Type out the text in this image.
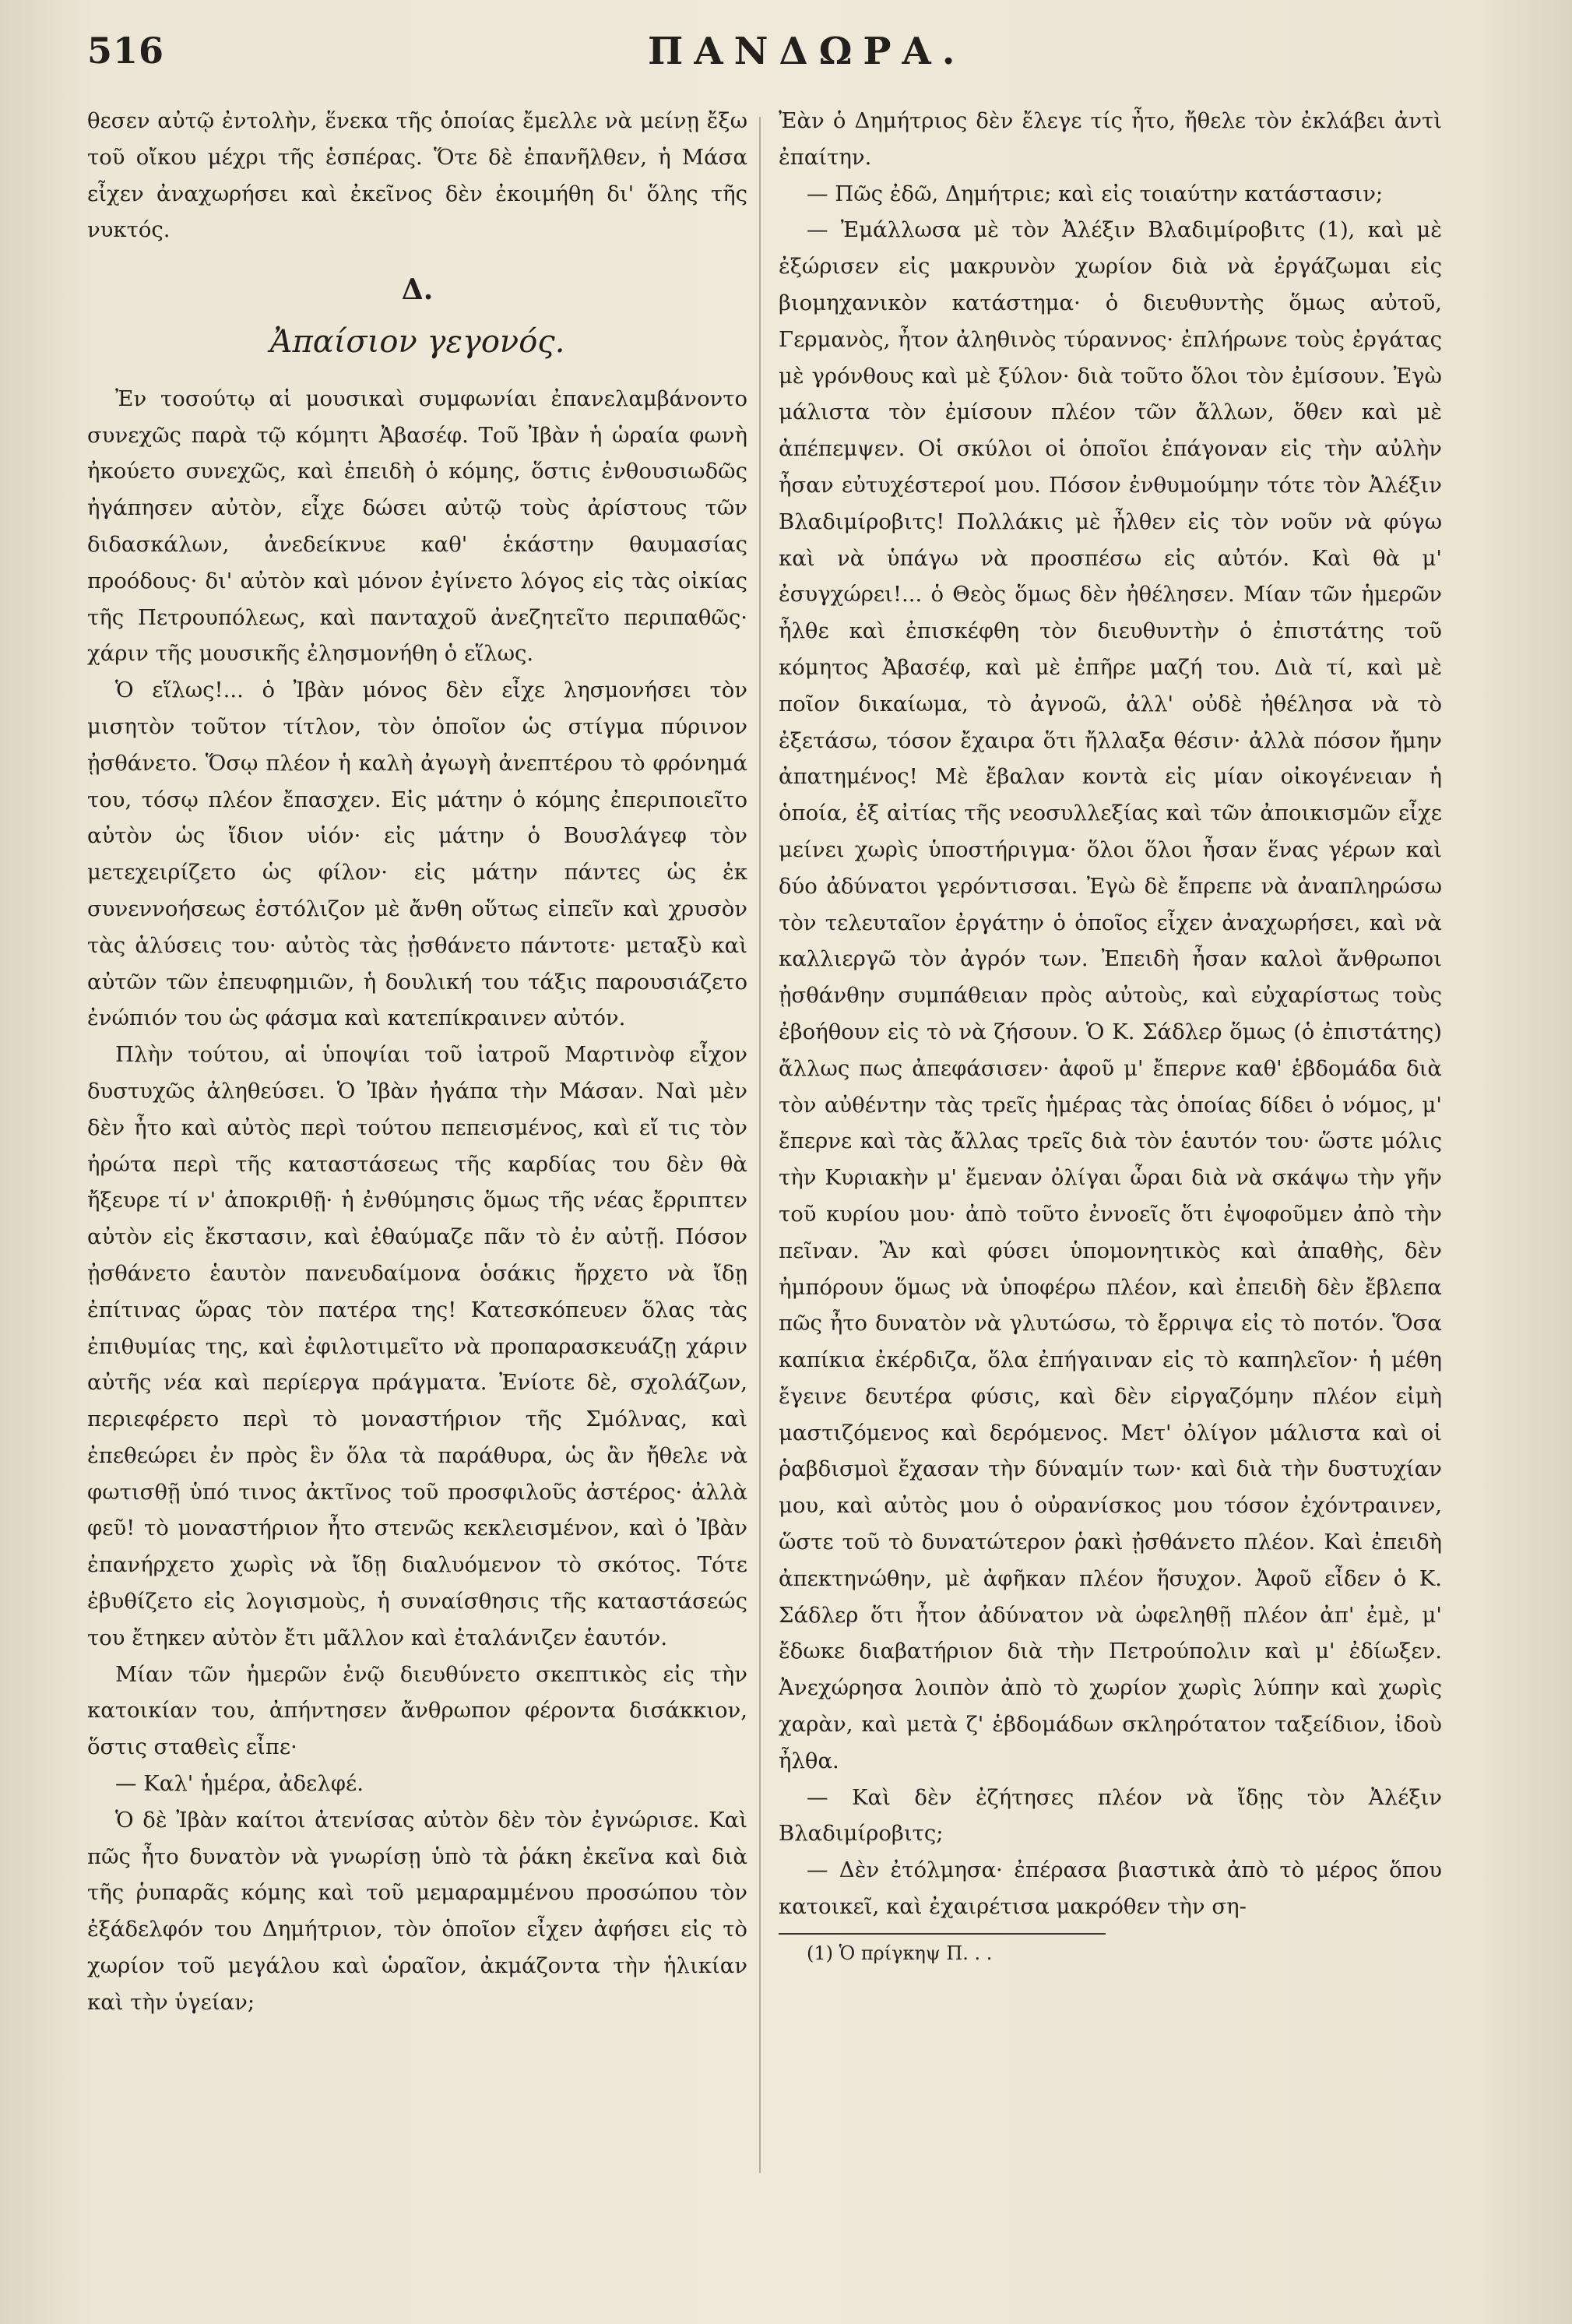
516	ΠΑΝΔΩΡΑ.

θεσεν αὐτῷ ἐντολὴν, ἕνεκα τῆς ὁποίας ἔμελλε νὰ μείνῃ ἔξω τοῦ οἴκου μέχρι τῆς ἑσπέρας. Ὅτε δὲ ἐπανῆλθεν, ἡ Μάσα εἶχεν ἀναχωρήσει καὶ ἐκεῖνος δὲν ἐκοιμήθη δι' ὅλης τῆς νυκτός.

Δ.
Ἀπαίσιον γεγονός.

Ἐν τοσούτῳ αἱ μουσικαὶ συμφωνίαι ἐπανελαμβάνοντο συνεχῶς παρὰ τῷ κόμητι Ἀβασέφ. Τοῦ Ἰβὰν ἡ ὡραία φωνὴ ἠκούετο συνεχῶς, καὶ ἐπειδὴ ὁ κόμης, ὅστις ἐνθουσιωδῶς ἠγάπησεν αὐτὸν, εἶχε δώσει αὐτῷ τοὺς ἀρίστους τῶν διδασκάλων, ἀνεδείκνυε καθ' ἑκάστην θαυμασίας προόδους· δι' αὐτὸν καὶ μόνον ἐγίνετο λόγος εἰς τὰς οἰκίας τῆς Πετρουπόλεως, καὶ πανταχοῦ ἀνεζητεῖτο περιπαθῶς· χάριν τῆς μουσικῆς ἐλησμονήθη ὁ εἵλως.

Ὁ εἵλως!... ὁ Ἰβὰν μόνος δὲν εἶχε λησμονήσει τὸν μισητὸν τοῦτον τίτλον, τὸν ὁποῖον ὡς στίγμα πύρινον ᾐσθάνετο. Ὅσῳ πλέον ἡ καλὴ ἀγωγὴ ἀνεπτέρου τὸ φρόνημά του, τόσῳ πλέον ἔπασχεν. Εἰς μάτην ὁ κόμης ἐπεριποιεῖτο αὐτὸν ὡς ἴδιον υἱόν· εἰς μάτην ὁ Βουσλάγεφ τὸν μετεχειρίζετο ὡς φίλον· εἰς μάτην πάντες ὡς ἐκ συνεννοήσεως ἐστόλιζον μὲ ἄνθη οὕτως εἰπεῖν καὶ χρυσὸν τὰς ἁλύσεις του· αὐτὸς τὰς ᾐσθάνετο πάντοτε· μεταξὺ καὶ αὐτῶν τῶν ἐπευφημιῶν, ἡ δουλική του τάξις παρουσιάζετο ἐνώπιόν του ὡς φάσμα καὶ κατεπίκραινεν αὐτόν.

Πλὴν τούτου, αἱ ὑποψίαι τοῦ ἰατροῦ Μαρτινὸφ εἶχον δυστυχῶς ἀληθεύσει. Ὁ Ἰβὰν ἠγάπα τὴν Μάσαν. Ναὶ μὲν δὲν ἦτο καὶ αὐτὸς περὶ τούτου πεπεισμένος, καὶ εἴ τις τὸν ἠρώτα περὶ τῆς καταστάσεως τῆς καρδίας του δὲν θὰ ἤξευρε τί ν' ἀποκριθῇ· ἡ ἐνθύμησις ὅμως τῆς νέας ἔρριπτεν αὐτὸν εἰς ἔκστασιν, καὶ ἐθαύμαζε πᾶν τὸ ἐν αὐτῇ. Πόσον ᾐσθάνετο ἑαυτὸν πανευδαίμονα ὁσάκις ἤρχετο νὰ ἴδῃ ἐπίτινας ὥρας τὸν πατέρα της! Κατεσκόπευεν ὅλας τὰς ἐπιθυμίας της, καὶ ἐφιλοτιμεῖτο νὰ προπαρασκευάζῃ χάριν αὐτῆς νέα καὶ περίεργα πράγματα. Ἐνίοτε δὲ, σχολάζων, περιεφέρετο περὶ τὸ μοναστήριον τῆς Σμόλνας, καὶ ἐπεθεώρει ἐν πρὸς ἓν ὅλα τὰ παράθυρα, ὡς ἂν ἤθελε νὰ φωτισθῇ ὑπό τινος ἀκτῖνος τοῦ προσφιλοῦς ἀστέρος· ἀλλὰ φεῦ! τὸ μοναστήριον ἦτο στενῶς κεκλεισμένον, καὶ ὁ Ἰβὰν ἐπανήρχετο χωρὶς νὰ ἴδῃ διαλυόμενον τὸ σκότος. Τότε ἐβυθίζετο εἰς λογισμοὺς, ἡ συναίσθησις τῆς καταστάσεώς του ἔτηκεν αὐτὸν ἔτι μᾶλλον καὶ ἐταλάνιζεν ἑαυτόν.

Μίαν τῶν ἡμερῶν ἐνῷ διευθύνετο σκεπτικὸς εἰς τὴν κατοικίαν του, ἀπήντησεν ἄνθρωπον φέροντα δισάκκιον, ὅστις σταθεὶς εἶπε·

— Καλ' ἡμέρα, ἀδελφέ.

Ὁ δὲ Ἰβὰν καίτοι ἀτενίσας αὐτὸν δὲν τὸν ἐγνώρισε. Καὶ πῶς ἦτο δυνατὸν νὰ γνωρίσῃ ὑπὸ τὰ ῥάκη ἐκεῖνα καὶ διὰ τῆς ῥυπαρᾶς κόμης καὶ τοῦ μεμαραμμένου προσώπου τὸν ἐξάδελφόν του Δημήτριον, τὸν ὁποῖον εἶχεν ἀφήσει εἰς τὸ χωρίον τοῦ μεγάλου καὶ ὡραῖον, ἀκμάζοντα τὴν ἡλικίαν καὶ τὴν ὑγείαν;

Ἐὰν ὁ Δημήτριος δὲν ἔλεγε τίς ἦτο, ἤθελε τὸν ἐκλάβει ἀντὶ ἐπαίτην.

— Πῶς ἐδῶ, Δημήτριε; καὶ εἰς τοιαύτην κατάστασιν;

— Ἐμάλλωσα μὲ τὸν Ἀλέξιν Βλαδιμίροβιτς (1), καὶ μὲ ἐξώρισεν εἰς μακρυνὸν χωρίον διὰ νὰ ἐργάζωμαι εἰς βιομηχανικὸν κατάστημα· ὁ διευθυντὴς ὅμως αὐτοῦ, Γερμανὸς, ἦτον ἀληθινὸς τύραννος· ἐπλήρωνε τοὺς ἐργάτας μὲ γρόνθους καὶ μὲ ξύλον· διὰ τοῦτο ὅλοι τὸν ἐμίσουν. Ἐγὼ μάλιστα τὸν ἐμίσουν πλέον τῶν ἄλλων, ὅθεν καὶ μὲ ἀπέπεμψεν. Οἱ σκύλοι οἱ ὁποῖοι ἐπάγοναν εἰς τὴν αὐλὴν ἦσαν εὐτυχέστεροί μου. Πόσον ἐνθυμούμην τότε τὸν Ἀλέξιν Βλαδιμίροβιτς! Πολλάκις μὲ ἦλθεν εἰς τὸν νοῦν νὰ φύγω καὶ νὰ ὑπάγω νὰ προσπέσω εἰς αὐτόν. Καὶ θὰ μ' ἐσυγχώρει!... ὁ Θεὸς ὅμως δὲν ἠθέλησεν. Μίαν τῶν ἡμερῶν ἦλθε καὶ ἐπισκέφθη τὸν διευθυντὴν ὁ ἐπιστάτης τοῦ κόμητος Ἀβασέφ, καὶ μὲ ἐπῆρε μαζή του. Διὰ τί, καὶ μὲ ποῖον δικαίωμα, τὸ ἀγνοῶ, ἀλλ' οὐδὲ ἠθέλησα νὰ τὸ ἐξετάσω, τόσον ἔχαιρα ὅτι ἤλλαξα θέσιν· ἀλλὰ πόσον ἤμην ἀπατημένος! Μὲ ἔβαλαν κοντὰ εἰς μίαν οἰκογένειαν ἡ ὁποία, ἐξ αἰτίας τῆς νεοσυλλεξίας καὶ τῶν ἀποικισμῶν εἶχε μείνει χωρὶς ὑποστήριγμα· ὅλοι ὅλοι ἦσαν ἕνας γέρων καὶ δύο ἀδύνατοι γερόντισσαι. Ἐγὼ δὲ ἔπρεπε νὰ ἀναπληρώσω τὸν τελευταῖον ἐργάτην ὁ ὁποῖος εἶχεν ἀναχωρήσει, καὶ νὰ καλλιεργῶ τὸν ἀγρόν των. Ἐπειδὴ ἦσαν καλοὶ ἄνθρωποι ᾐσθάνθην συμπάθειαν πρὸς αὐτοὺς, καὶ εὐχαρίστως τοὺς ἐβοήθουν εἰς τὸ νὰ ζήσουν. Ὁ Κ. Σάδλερ ὅμως (ὁ ἐπιστάτης) ἄλλως πως ἀπεφάσισεν· ἀφοῦ μ' ἔπερνε καθ' ἑβδομάδα διὰ τὸν αὐθέντην τὰς τρεῖς ἡμέρας τὰς ὁποίας δίδει ὁ νόμος, μ' ἔπερνε καὶ τὰς ἄλλας τρεῖς διὰ τὸν ἑαυτόν του· ὥστε μόλις τὴν Κυριακὴν μ' ἔμεναν ὀλίγαι ὧραι διὰ νὰ σκάψω τὴν γῆν τοῦ κυρίου μου· ἀπὸ τοῦτο ἐννοεῖς ὅτι ἐψοφοῦμεν ἀπὸ τὴν πεῖναν. Ἂν καὶ φύσει ὑπομονητικὸς καὶ ἀπαθὴς, δὲν ἠμπόρουν ὅμως νὰ ὑποφέρω πλέον, καὶ ἐπειδὴ δὲν ἔβλεπα πῶς ἦτο δυνατὸν νὰ γλυτώσω, τὸ ἔρριψα εἰς τὸ ποτόν. Ὅσα καπίκια ἐκέρδιζα, ὅλα ἐπήγαιναν εἰς τὸ καπηλεῖον· ἡ μέθη ἔγεινε δευτέρα φύσις, καὶ δὲν εἰργαζόμην πλέον εἰμὴ μαστιζόμενος καὶ δερόμενος. Μετ' ὀλίγον μάλιστα καὶ οἱ ῥαβδισμοὶ ἔχασαν τὴν δύναμίν των· καὶ διὰ τὴν δυστυχίαν μου, καὶ αὐτὸς μου ὁ οὐρανίσκος μου τόσον ἐχόντραινεν, ὥστε τοῦ τὸ δυνατώτερον ῥακὶ ᾐσθάνετο πλέον. Καὶ ἐπειδὴ ἀπεκτηνώθην, μὲ ἀφῆκαν πλέον ἥσυχον. Ἀφοῦ εἶδεν ὁ Κ. Σάδλερ ὅτι ἦτον ἀδύνατον νὰ ὠφεληθῇ πλέον ἀπ' ἐμὲ, μ' ἔδωκε διαβατήριον διὰ τὴν Πετρούπολιν καὶ μ' ἐδίωξεν. Ἀνεχώρησα λοιπὸν ἀπὸ τὸ χωρίον χωρὶς λύπην καὶ χωρὶς χαρὰν, καὶ μετὰ ζ' ἑβδομάδων σκληρότατον ταξείδιον, ἰδοὺ ἦλθα.

— Καὶ δὲν ἐζήτησες πλέον νὰ ἴδῃς τὸν Ἀλέξιν Βλαδιμίροβιτς;

— Δὲν ἐτόλμησα· ἐπέρασα βιαστικὰ ἀπὸ τὸ μέρος ὅπου κατοικεῖ, καὶ ἐχαιρέτισα μακρόθεν τὴν ση-

(1) Ὁ πρίγκηψ Π. . .
